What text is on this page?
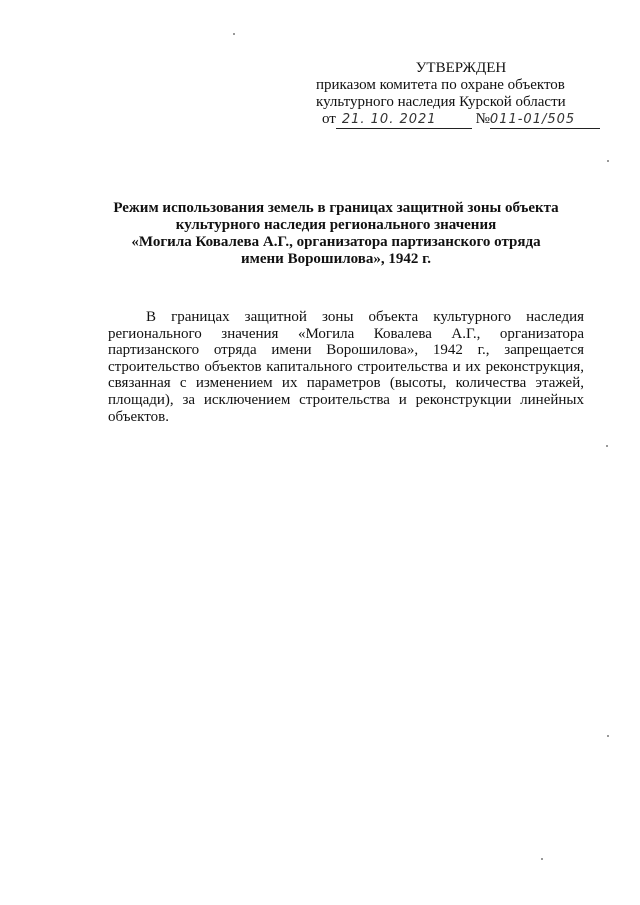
УТВЕРЖДЕН
приказом комитета по охране объектов
культурного наследия Курской области
от 21. 10. 2021	№011-01/505
Режим использования земель в границах защитной зоны объекта
культурного наследия регионального значения
«Могила Ковалева А.Г., организатора партизанского отряда
имени Ворошилова», 1942 г.
В границах защитной зоны объекта культурного наследия
регионального значения «Могила Ковалева А.Г., организатора
партизанского отряда имени Ворошилова», 1942 г., запрещается
строительство объектов капитального строительства и их реконструкция,
связанная с изменением их параметров (высоты, количества этажей,
площади), за исключением строительства и реконструкции линейных
объектов.
